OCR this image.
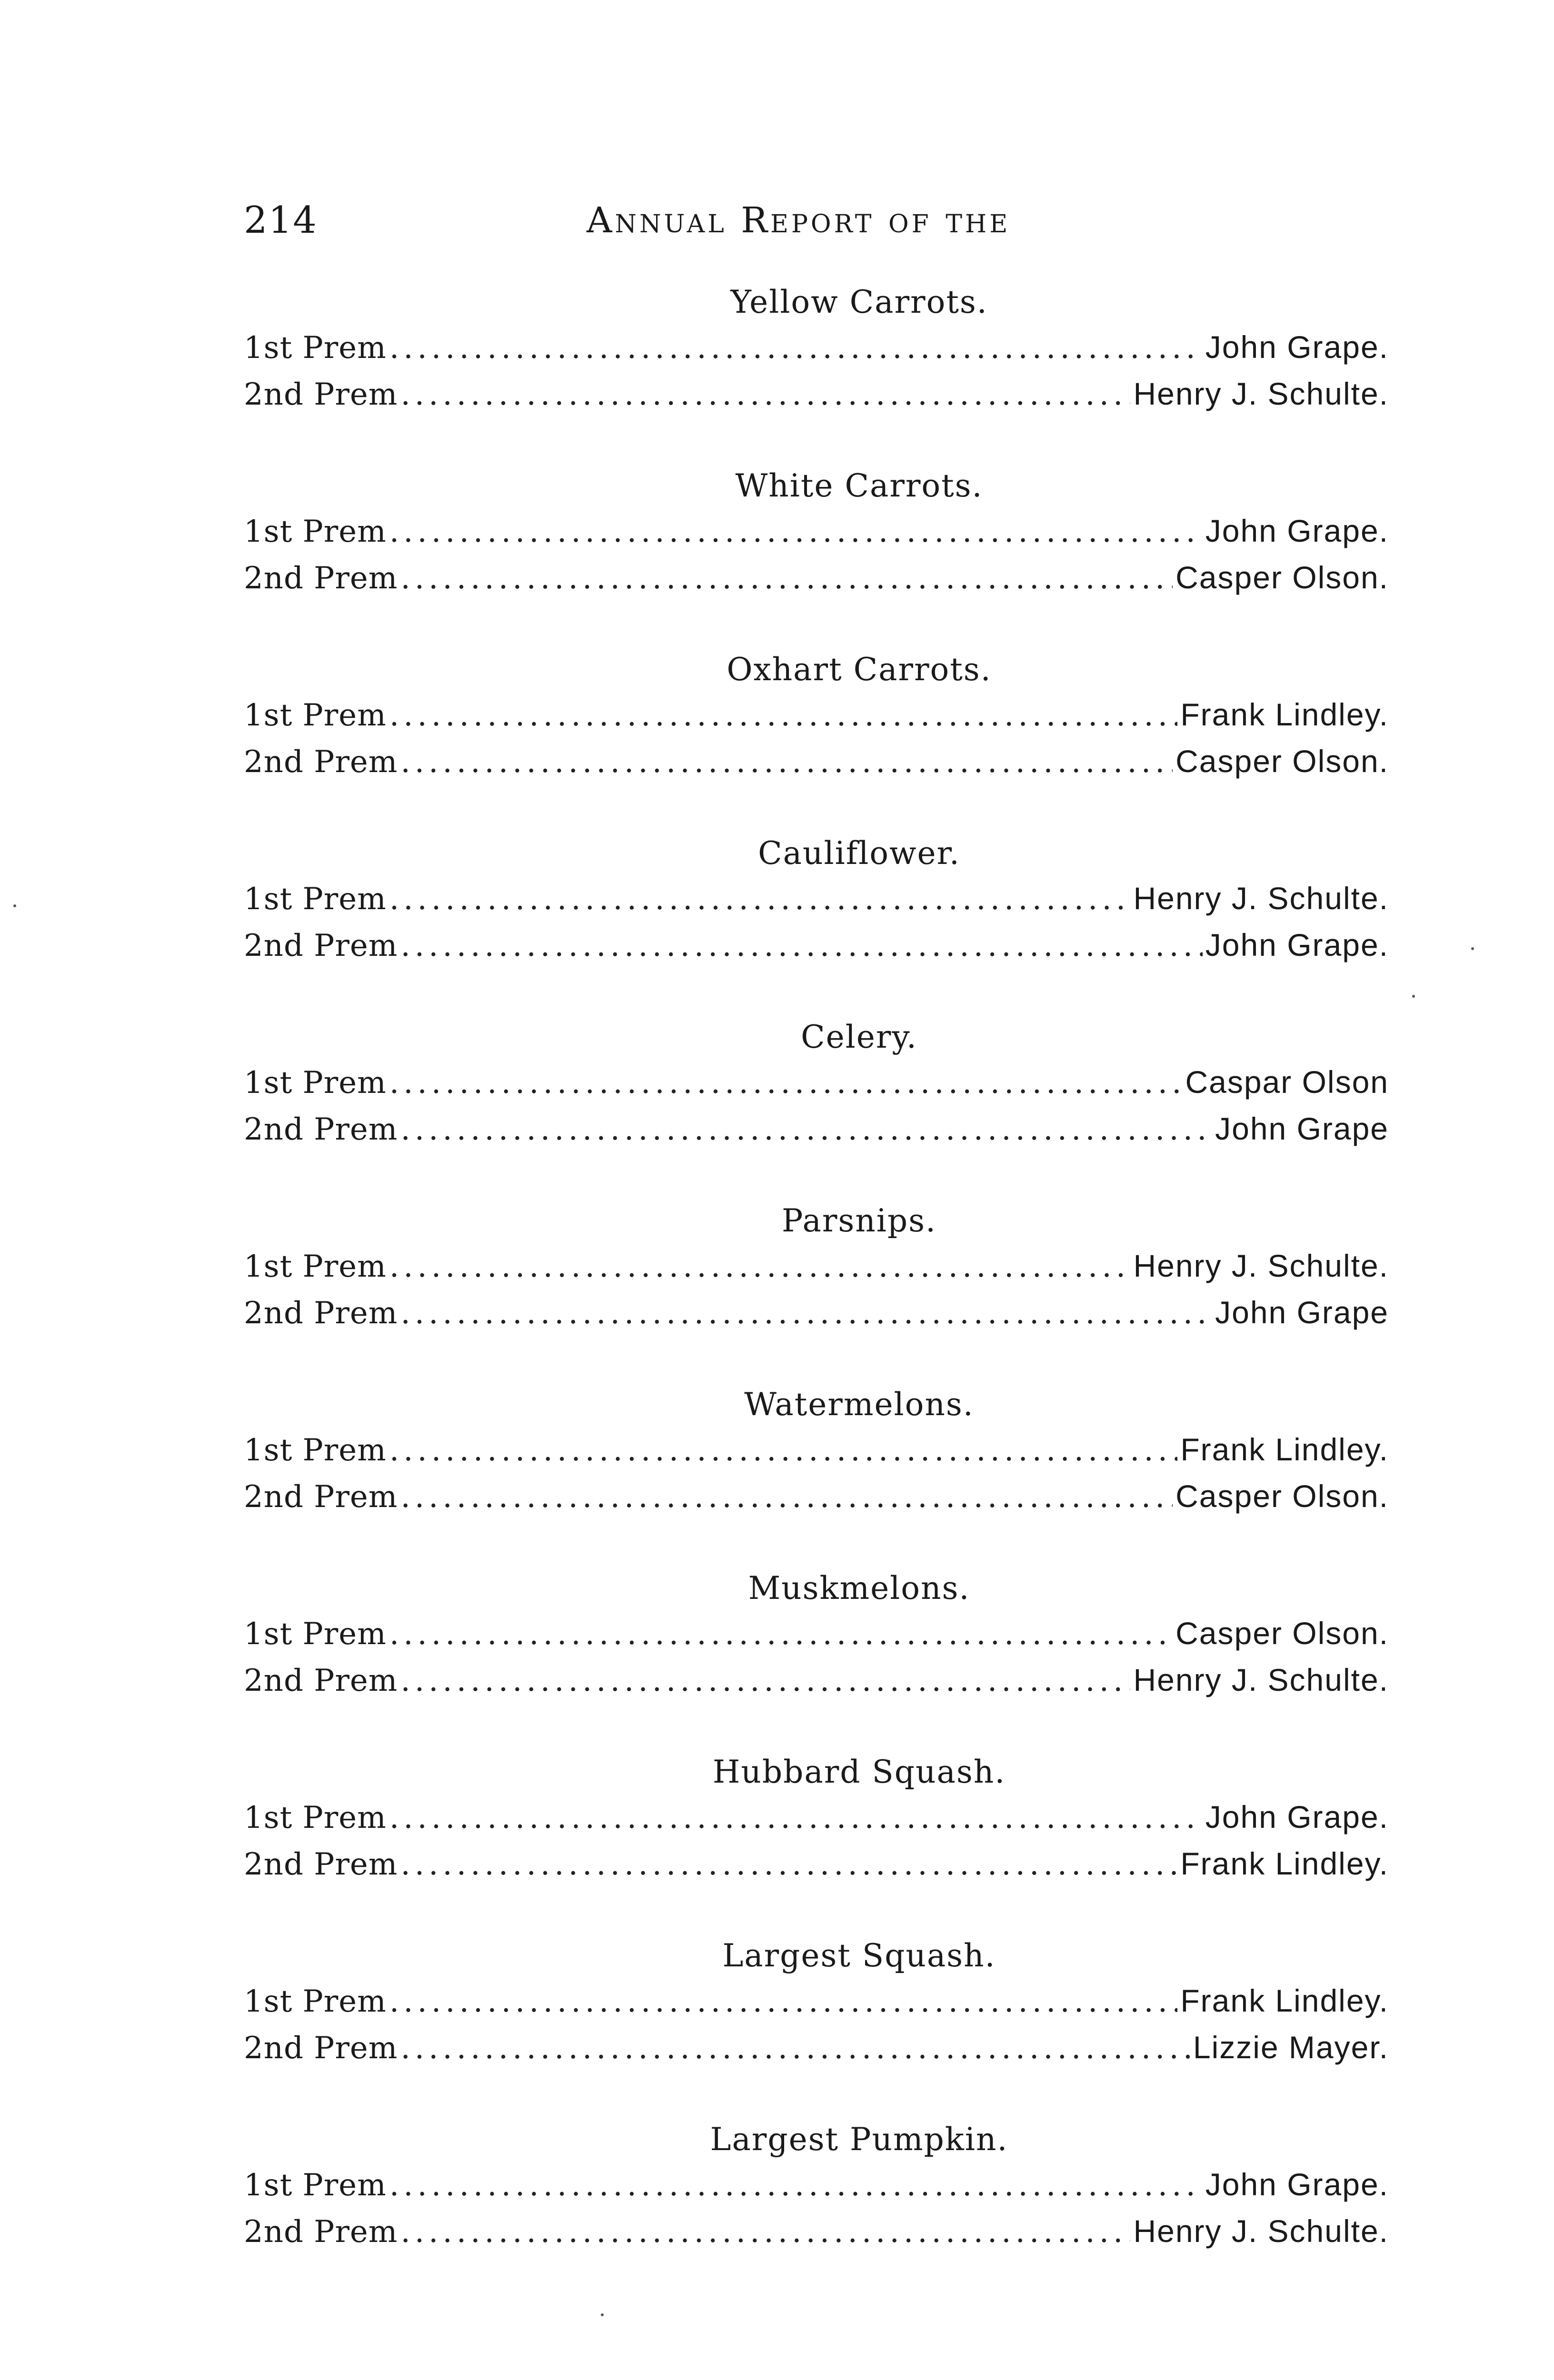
214	Annual Report of the
Yellow Carrots.
1st Prem .....	John Grape.
2nd Prem .....	Henry J. Schulte.
White Carrots.
1st Prem .....	John Grape.
2nd Prem .....	Casper Olson.
Oxhart Carrots.
1st Prem .....	Frank Lindley.
2nd Prem .....	Casper Olson.
Cauliflower.
1st Prem .....	Henry J. Schulte.
2nd Prem .....	John Grape.
Celery.
1st Prem .....	Caspar Olson
2nd Prem .....	John Grape
Parsnips.
1st Prem .....	Henry J. Schulte.
2nd Prem .....	John Grape
Watermelons.
1st Prem .....	Frank Lindley.
2nd Prem .....	Casper Olson.
Muskmelons.
1st Prem .....	Casper Olson.
2nd Prem .....	Henry J. Schulte.
Hubbard Squash.
1st Prem .....	John Grape.
2nd Prem .....	Frank Lindley.
Largest Squash.
1st Prem .....	Frank Lindley.
2nd Prem .....	Lizzie Mayer.
Largest Pumpkin.
1st Prem .....	John Grape.
2nd Prem .....	Henry J. Schulte.
